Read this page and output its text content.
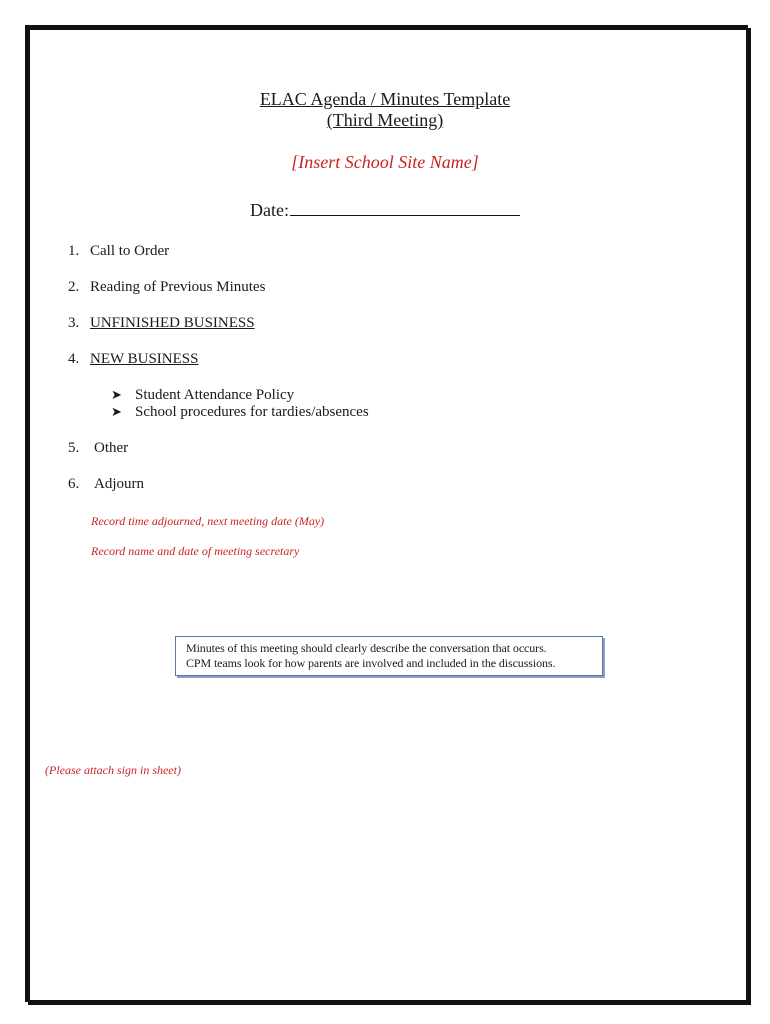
ELAC Agenda / Minutes Template
(Third Meeting)
[Insert School Site Name]
Date:
1. Call to Order
2. Reading of Previous Minutes
3. UNFINISHED BUSINESS
4. NEW BUSINESS
➤ Student Attendance Policy
➤ School procedures for tardies/absences
5. Other
6. Adjourn
Record time adjourned, next meeting date (May)
Record name and date of meeting secretary
Minutes of this meeting should clearly describe the conversation that occurs.
CPM teams look for how parents are involved and included in the discussions.
(Please attach sign in sheet)
